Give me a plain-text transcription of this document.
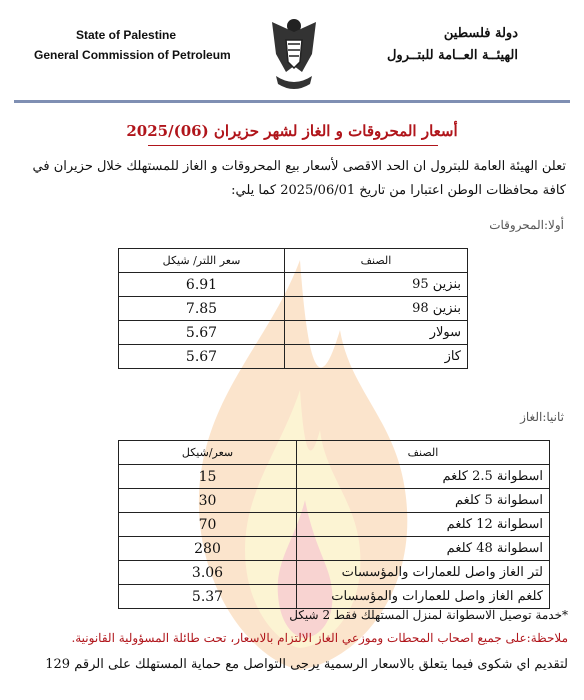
State of Palestine
General Commission of Petroleum
دولة فلسطين
الهيئــة العــامة للبتــرول
أسعار المحروقات و الغاز لشهر حزيران (06)/2025
تعلن الهيئة العامة للبترول ان الحد الاقصى لأسعار بيع المحروقات و الغاز للمستهلك خلال حزيران في كافة محافظات الوطن اعتبارا من تاريخ 2025/06/01 كما يلي:
أولا:المحروقات
الصنف	سعر اللتر/ شيكل
بنزين 95	6.91
بنزين 98	7.85
سولار	5.67
كاز	5.67
ثانيا:الغاز
الصنف	سعر/شيكل
اسطوانة 2.5 كلغم	15
اسطوانة 5 كلغم	30
اسطوانة 12 كلغم	70
اسطوانة 48 كلغم	280
لتر الغاز واصل للعمارات والمؤسسات	3.06
كلغم الغاز واصل للعمارات والمؤسسات	5.37
*خدمة توصيل الاسطوانة لمنزل المستهلك فقط 2 شيكل
ملاحظة:على جميع اصحاب المحطات وموزعي الغاز الالتزام بالاسعار، تحت طائلة المسؤولية القانونية.
لتقديم اي شكوى فيما يتعلق بالاسعار الرسمية يرجى التواصل مع حماية المستهلك على الرقم 129
